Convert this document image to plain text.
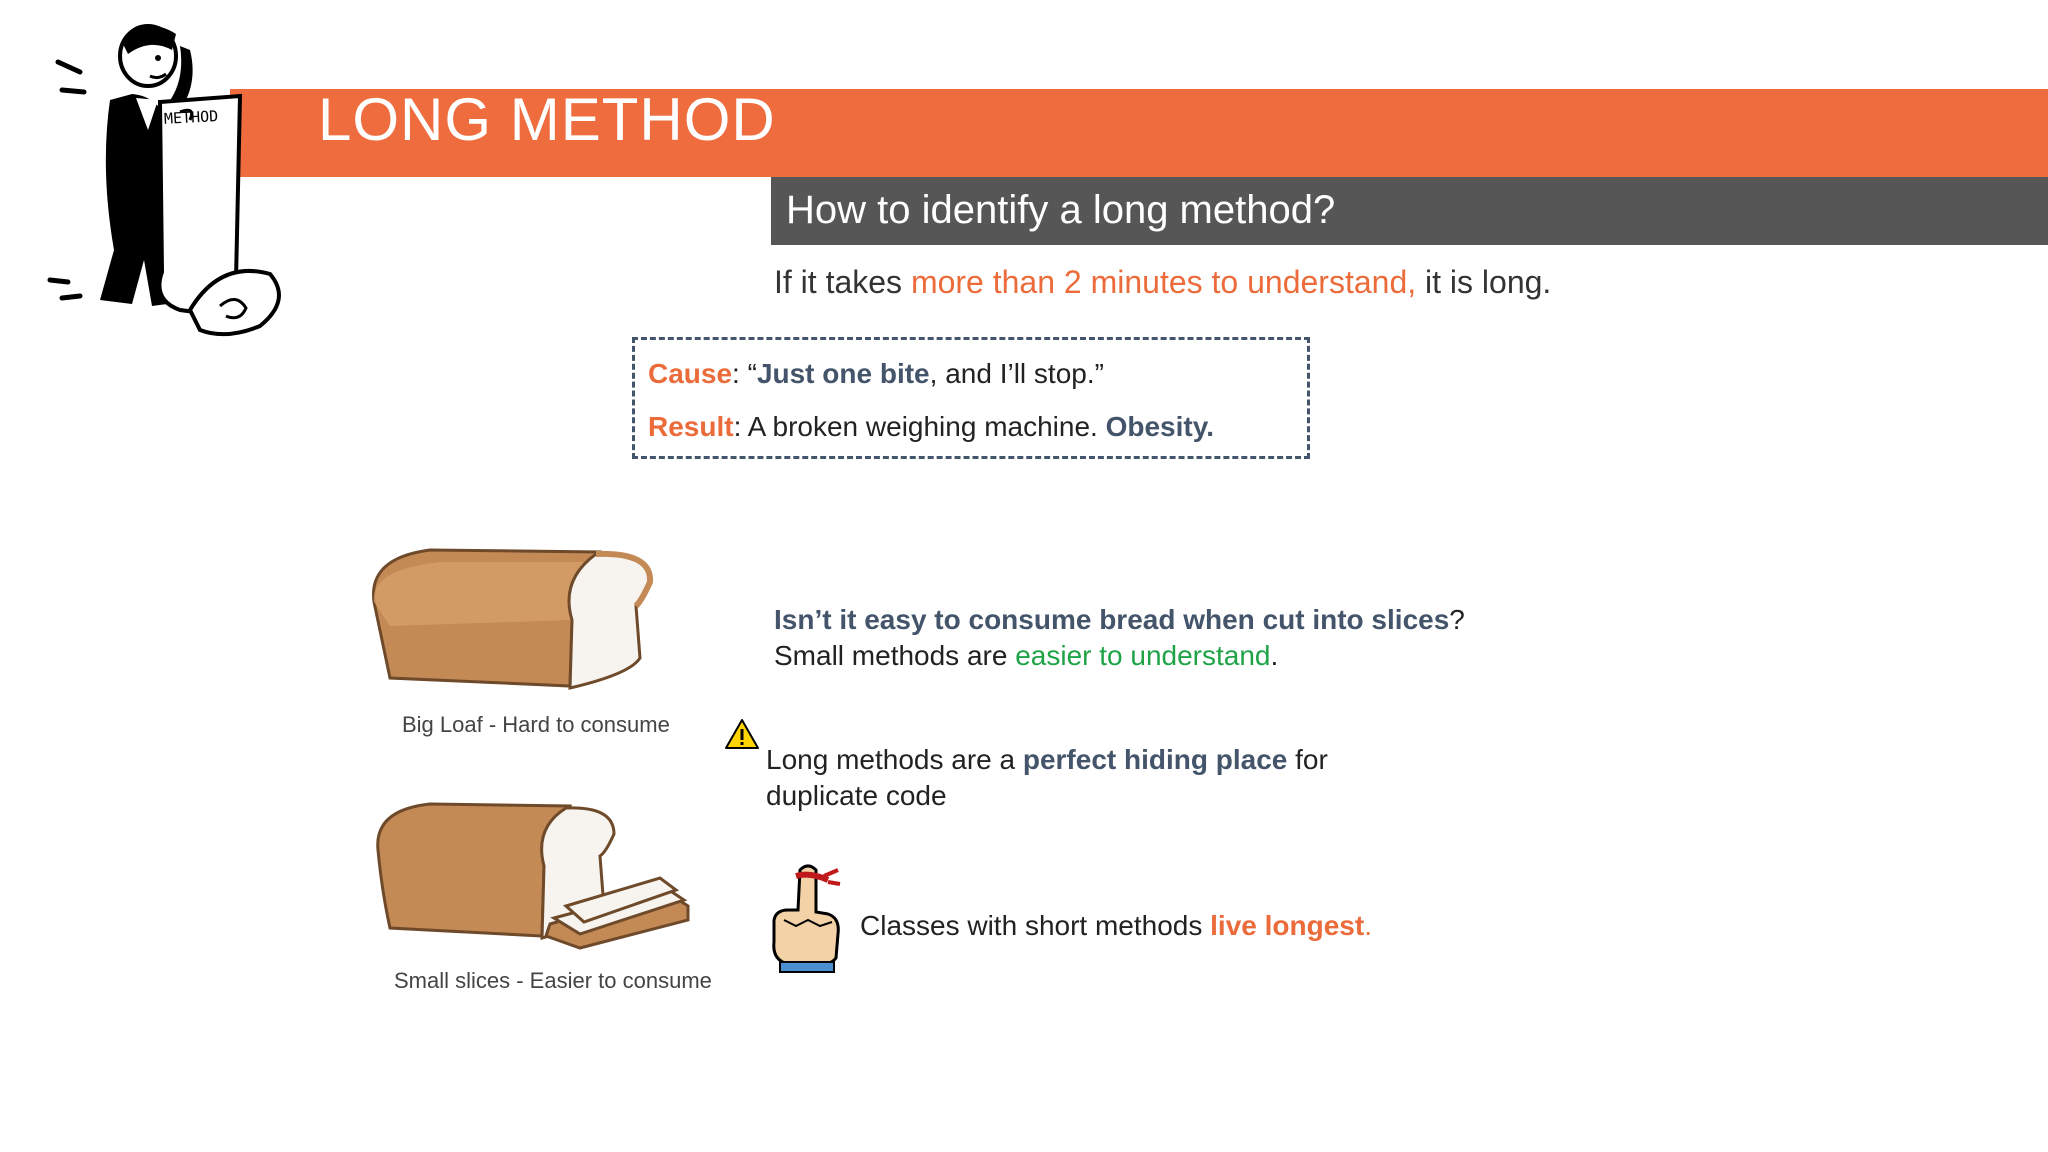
LONG METHOD
METHOD
How to identify a long method?
If it takes more than 2 minutes to understand, it is long.
Cause: “Just one bite, and I’ll stop.”
Result: A broken weighing machine. Obesity.
Big Loaf - Hard to consume
Small slices - Easier to consume
Isn’t it easy to consume bread when cut into slices?
Small methods are easier to understand.
Long methods are a perfect hiding place for duplicate code
Classes with short methods live longest.
